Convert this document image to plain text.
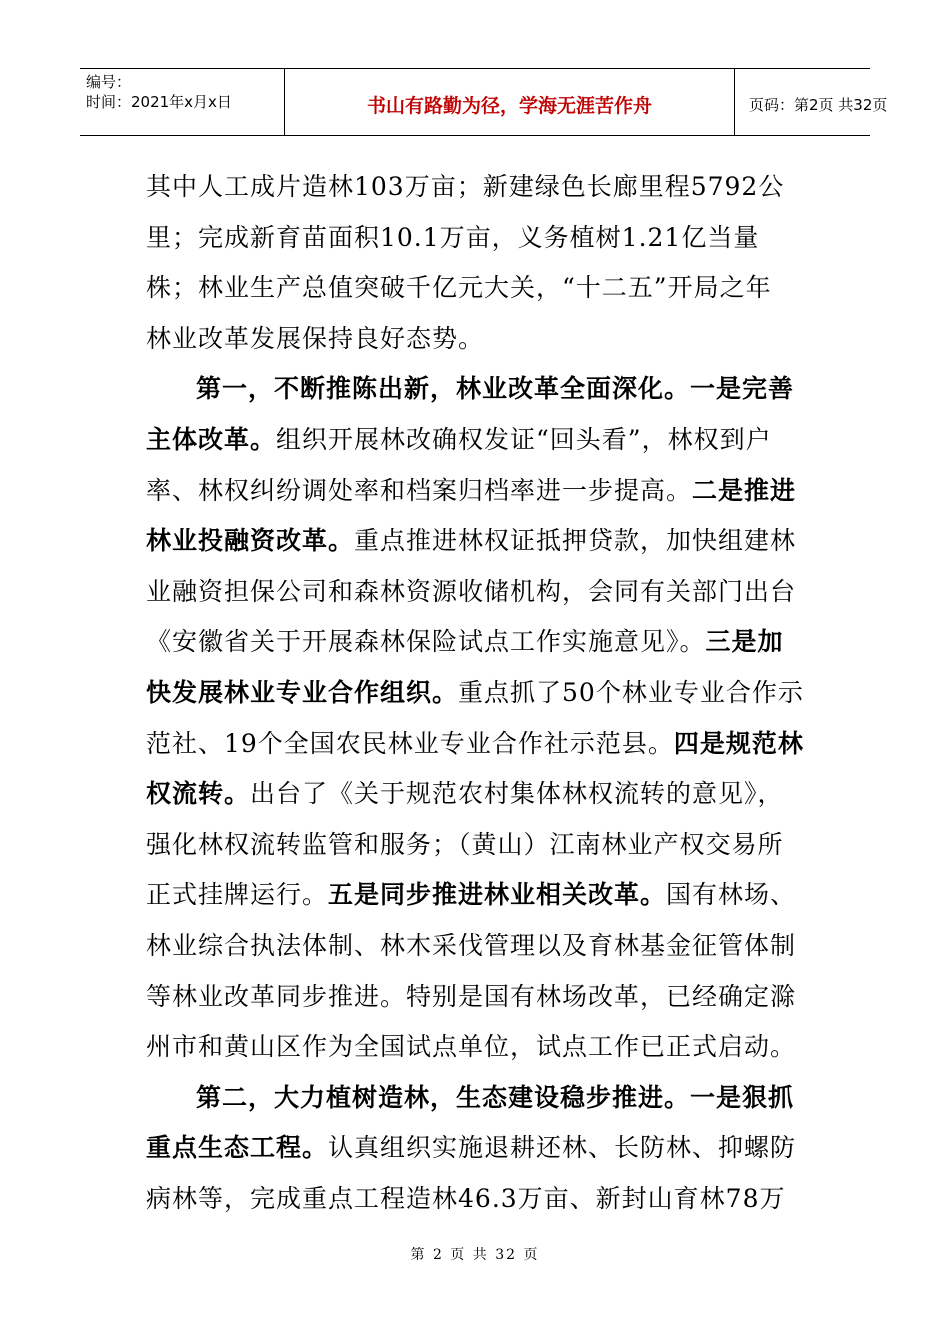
编号：
时间：2021年x月x日	书山有路勤为径，学海无涯苦作舟	页码：第2页 共32页

其中人工成片造林103万亩；新建绿色长廊里程5792公
里；完成新育苗面积10.1万亩，义务植树1.21亿当量
株；林业生产总值突破千亿元大关，“十二五”开局之年
林业改革发展保持良好态势。

第一，不断推陈出新，林业改革全面深化。一是完善
主体改革。组织开展林改确权发证“回头看”，林权到户
率、林权纠纷调处率和档案归档率进一步提高。二是推进
林业投融资改革。重点推进林权证抵押贷款，加快组建林
业融资担保公司和森林资源收储机构，会同有关部门出台
《安徽省关于开展森林保险试点工作实施意见》。三是加
快发展林业专业合作组织。重点抓了50个林业专业合作示
范社、19个全国农民林业专业合作社示范县。四是规范林
权流转。出台了《关于规范农村集体林权流转的意见》，
强化林权流转监管和服务；（黄山）江南林业产权交易所
正式挂牌运行。五是同步推进林业相关改革。国有林场、
林业综合执法体制、林木采伐管理以及育林基金征管体制
等林业改革同步推进。特别是国有林场改革，已经确定滁
州市和黄山区作为全国试点单位，试点工作已正式启动。

第二，大力植树造林，生态建设稳步推进。一是狠抓
重点生态工程。认真组织实施退耕还林、长防林、抑螺防
病林等，完成重点工程造林46.3万亩、新封山育林78万

第 2 页 共 32 页
